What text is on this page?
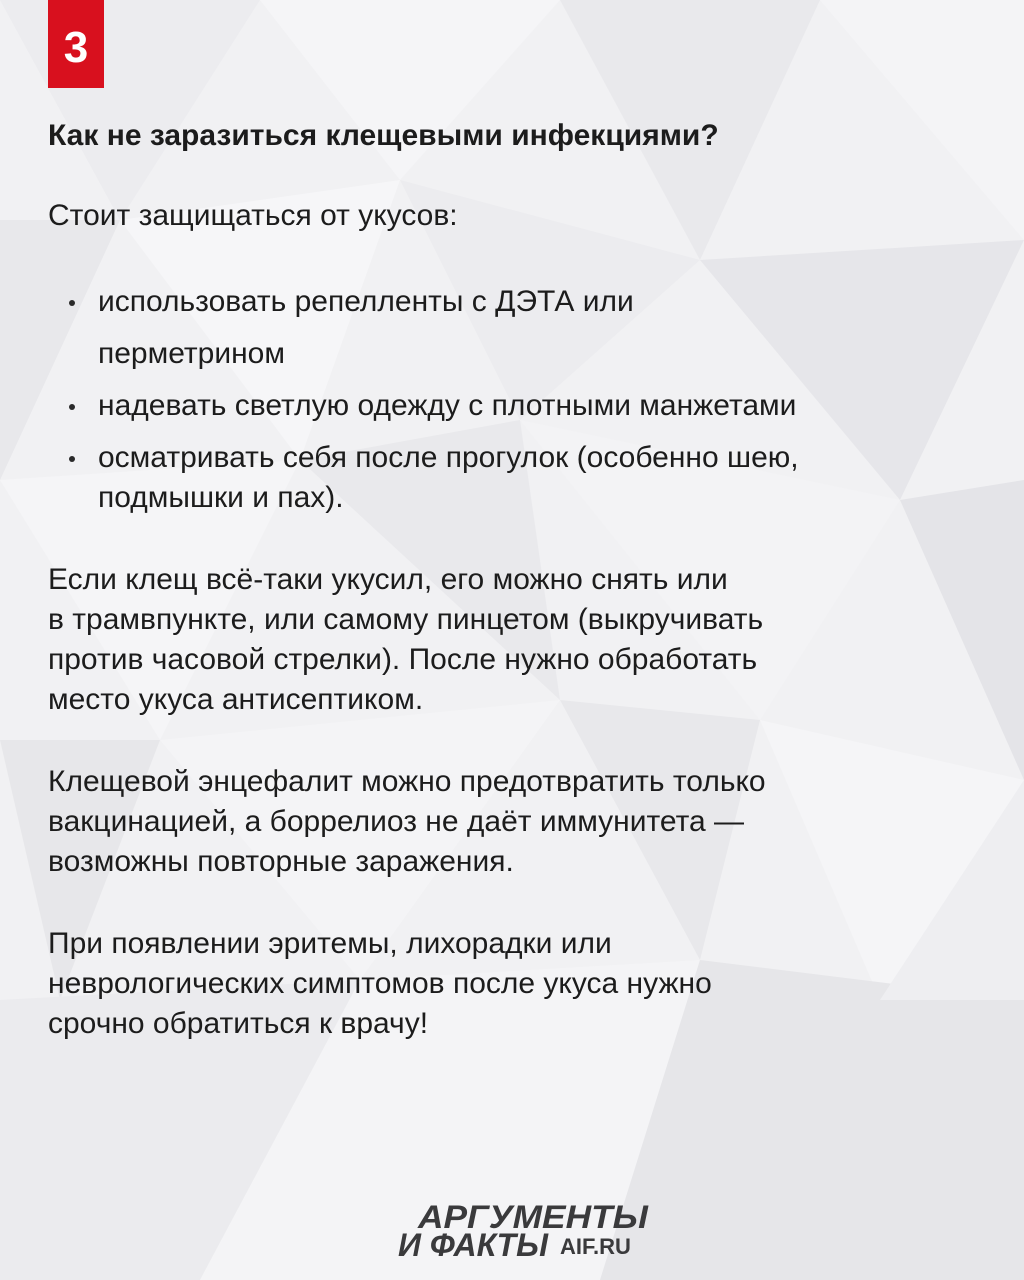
3
Как не заразиться клещевыми инфекциями?

Стоит защищаться от укусов:

использовать репелленты с ДЭТА или
перметрином
надевать светлую одежду с плотными манжетами
осматривать себя после прогулок (особенно шею,
подмышки и пах).

Если клещ всё-таки укусил, его можно снять или
в трамвпункте, или самому пинцетом (выкручивать
против часовой стрелки). После нужно обработать
место укуса антисептиком.

Клещевой энцефалит можно предотвратить только
вакцинацией, а боррелиоз не даёт иммунитета —
возможны повторные заражения.

При появлении эритемы, лихорадки или
неврологических симптомов после укуса нужно
срочно обратиться к врачу!

АРГУМЕНТЫ
И ФАКТЫ AIF.RU
